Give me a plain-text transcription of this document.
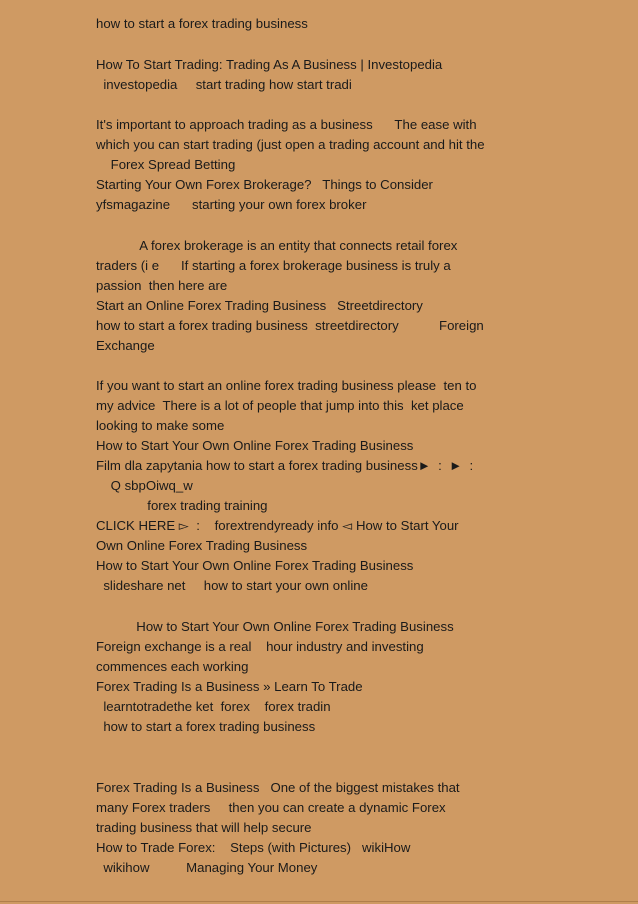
how to start a forex trading business
How To Start Trading: Trading As A Business | Investopedia
investopedia     start trading how start tradi
It's important to approach trading as a business      The ease with
which you can start trading (just open a trading account and hit the
Forex Spread Betting
Starting Your Own Forex Brokerage?   Things to Consider
yfsmagazine      starting your own forex broker
A forex brokerage is an entity that connects retail forex
traders (i e      If starting a forex brokerage business is truly a
passion  then here are
Start an Online Forex Trading Business   Streetdirectory
how to start a forex trading business  streetdirectory           Foreign
Exchange
If you want to start an online forex trading business please  ten to
my advice  There is a lot of people that jump into this  ket place
looking to make some
How to Start Your Own Online Forex Trading Business
Film dla zapytania how to start a forex trading business►  :  ►  :
Q sbpOiwq_w
forex trading training
CLICK HERE ▻  :    forextrendyready info ◅ How to Start Your
Own Online Forex Trading Business
How to Start Your Own Online Forex Trading Business
slideshare net     how to start your own online
How to Start Your Own Online Forex Trading Business
Foreign exchange is a real    hour industry and investing
commences each working
Forex Trading Is a Business » Learn To Trade
learntotradethe ket  forex    forex tradin
how to start a forex trading business
Forex Trading Is a Business   One of the biggest mistakes that
many Forex traders     then you can create a dynamic Forex
trading business that will help secure
How to Trade Forex:    Steps (with Pictures)   wikiHow
wikihow          Managing Your Money
